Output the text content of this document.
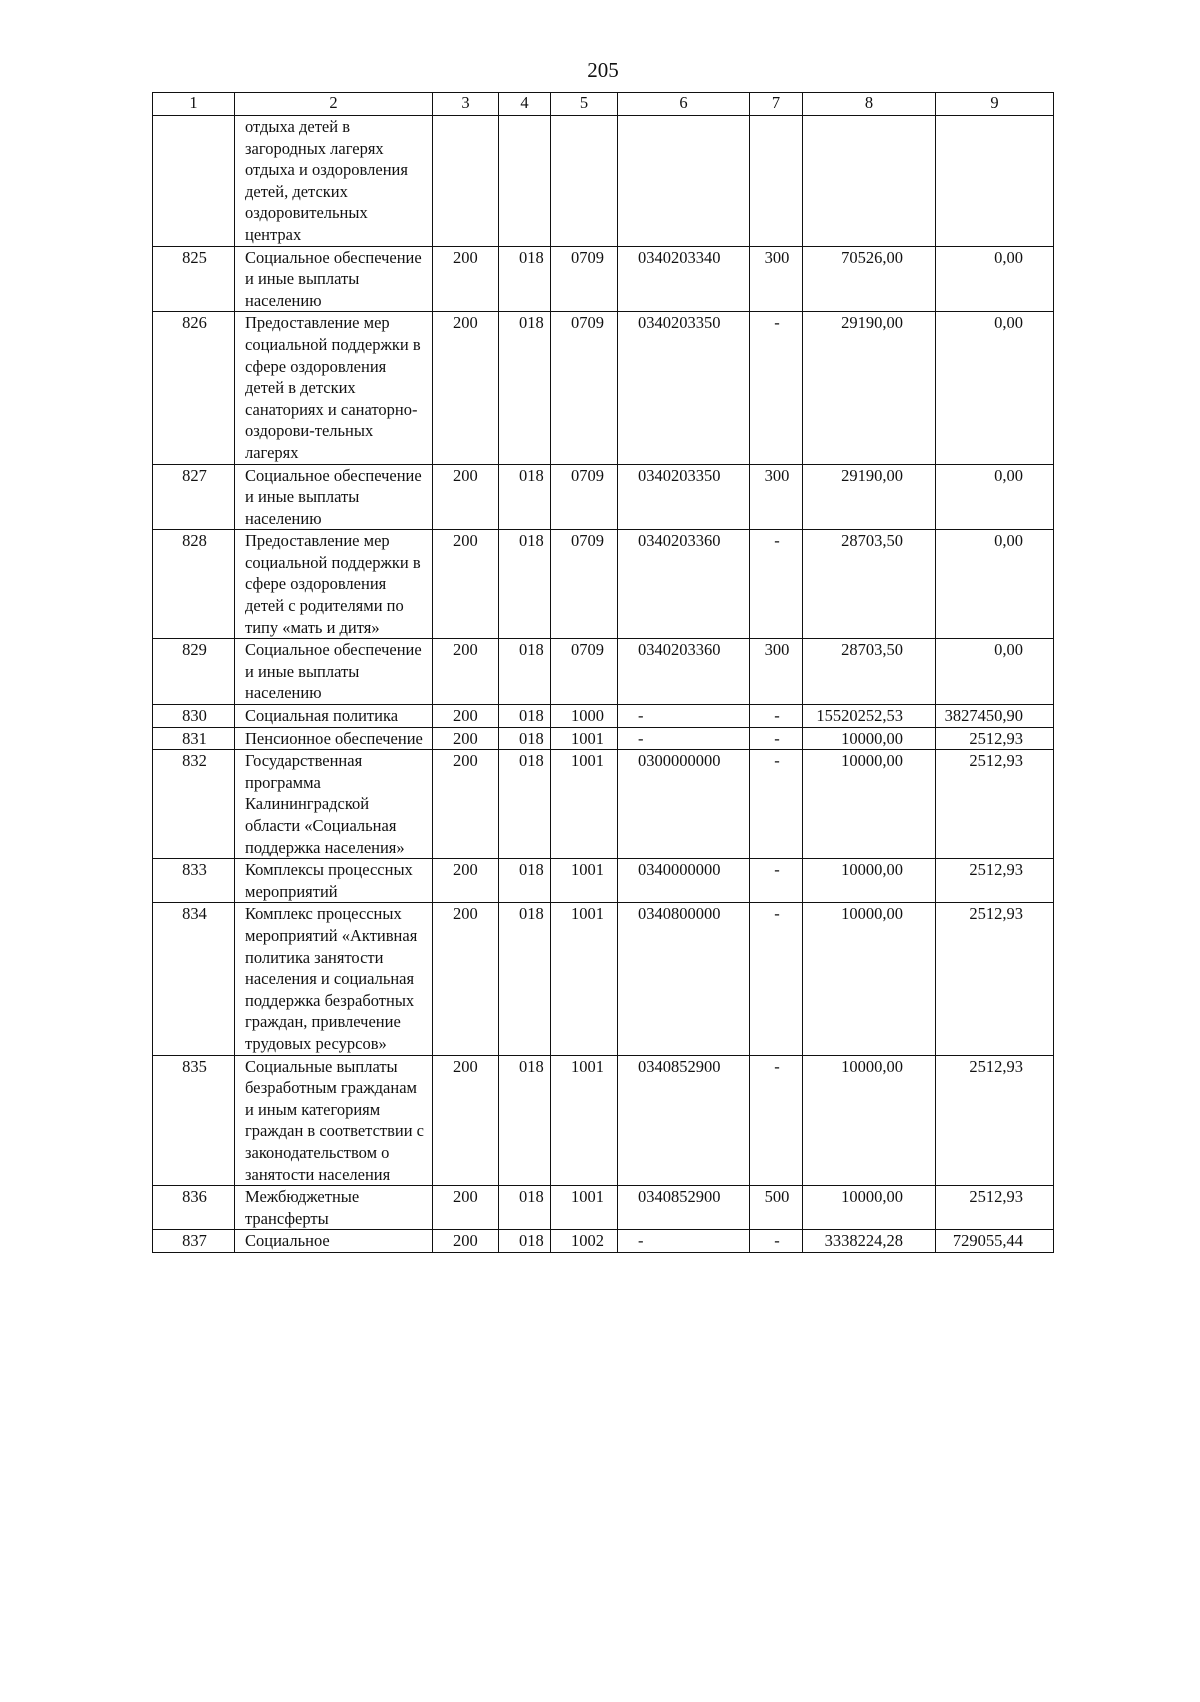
205
1	2	3	4	5	6	7	8	9
	отдыха детей в загородных лагерях отдыха и оздоровления детей, детских оздоровительных центрах							
825	Социальное обеспечение и иные выплаты населению	200	018	0709	0340203340	300	70526,00	0,00
826	Предоставление мер социальной поддержки в сфере оздоровления детей в детских санаториях и санаторно-оздорови-тельных лагерях	200	018	0709	0340203350	-	29190,00	0,00
827	Социальное обеспечение и иные выплаты населению	200	018	0709	0340203350	300	29190,00	0,00
828	Предоставление мер социальной поддержки в сфере оздоровления детей с родителями по типу «мать и дитя»	200	018	0709	0340203360	-	28703,50	0,00
829	Социальное обеспечение и иные выплаты населению	200	018	0709	0340203360	300	28703,50	0,00
830	Социальная политика	200	018	1000	-	-	15520252,53	3827450,90
831	Пенсионное обеспечение	200	018	1001	-	-	10000,00	2512,93
832	Государственная программа Калининградской области «Социальная поддержка населения»	200	018	1001	0300000000	-	10000,00	2512,93
833	Комплексы процессных мероприятий	200	018	1001	0340000000	-	10000,00	2512,93
834	Комплекс процессных мероприятий «Активная политика занятости населения и социальная поддержка безработных граждан, привлечение трудовых ресурсов»	200	018	1001	0340800000	-	10000,00	2512,93
835	Социальные выплаты безработным гражданам и иным категориям граждан в соответствии с законодательством о занятости населения	200	018	1001	0340852900	-	10000,00	2512,93
836	Межбюджетные трансферты	200	018	1001	0340852900	500	10000,00	2512,93
837	Социальное	200	018	1002	-	-	3338224,28	729055,44
